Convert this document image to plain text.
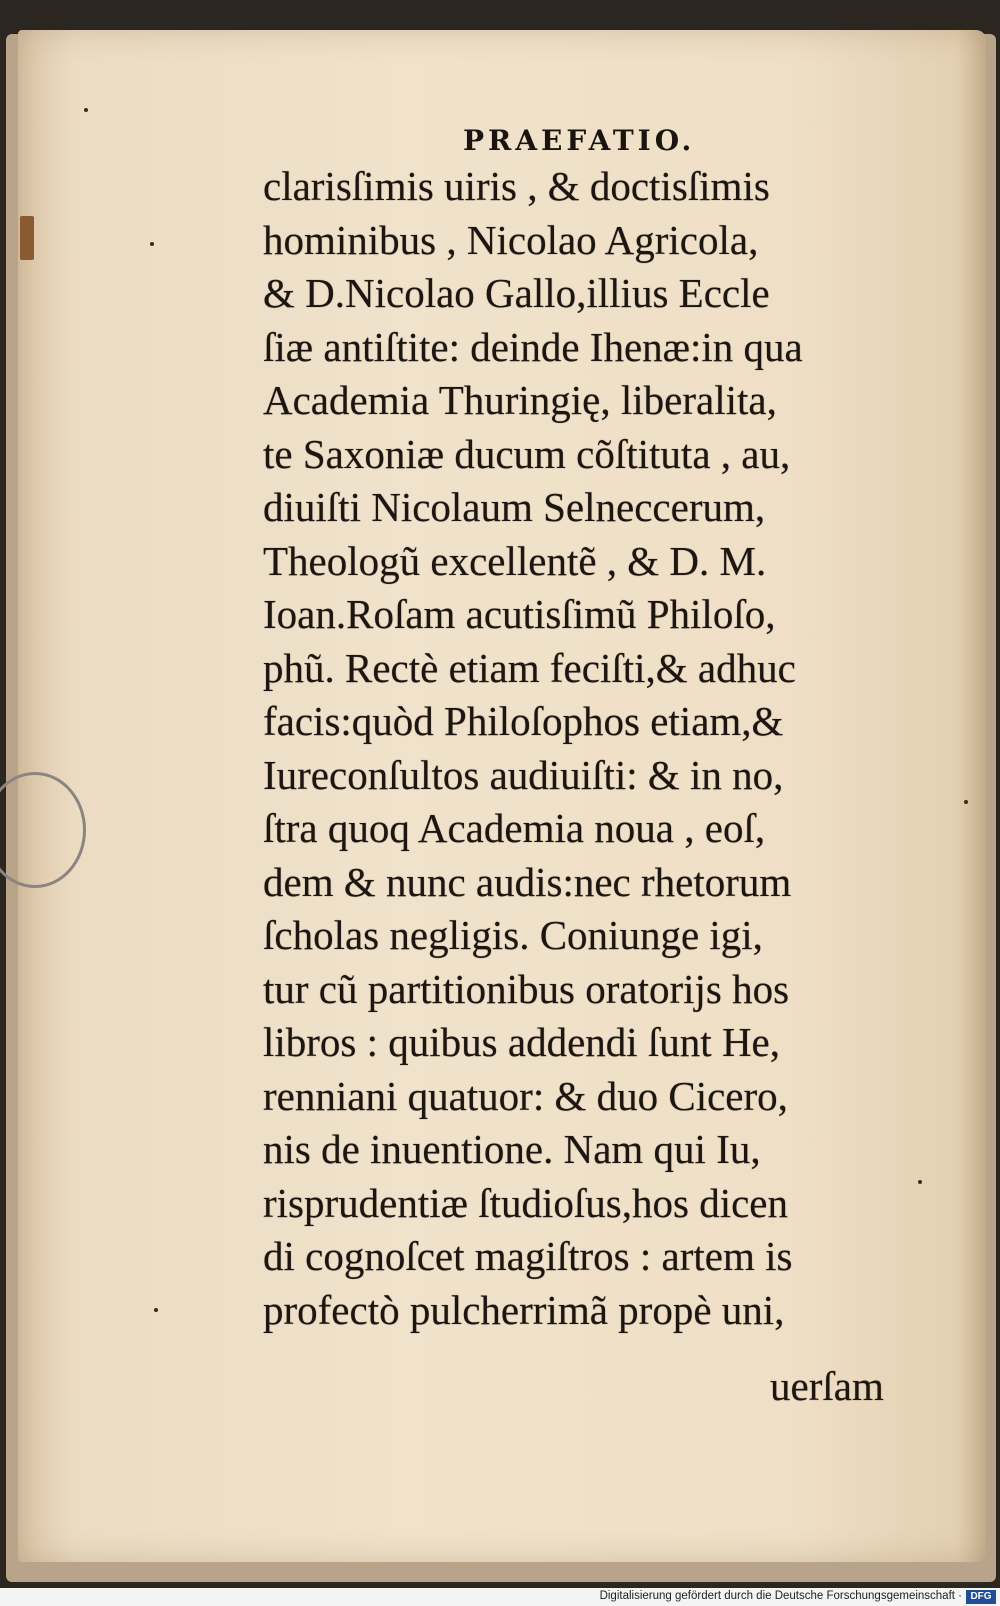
PRAEFATIO.
clarisſimis uiris , & doctisſimis
hominibus , Nicolao Agricola,
& D.Nicolao Gallo,illius Eccle
ſiæ antiſtite: deinde Ihenæ:in qua
Academia Thuringię, liberalita,
te Saxoniæ ducum cõſtituta , au,
diuiſti Nicolaum Selneccerum,
Theologũ excellentẽ , & D. M.
Ioan.Roſam acutisſimũ Philoſo,
phũ. Rectè etiam feciſti,& adhuc
facis:quòd Philoſophos etiam,&
Iureconſultos audiuiſti: & in no,
ſtra quoq Academia noua , eoſ,
dem & nunc audis:nec rhetorum
ſcholas negligis. Coniunge igi,
tur cũ partitionibus oratorijs hos
libros : quibus addendi ſunt He,
renniani quatuor: & duo Cicero,
nis de inuentione. Nam qui Iu,
risprudentiæ ſtudioſus,hos dicen
di cognoſcet magiſtros : artem is
profectò pulcherrimã propè uni,
uerſam
Digitalisierung gefördert durch die Deutsche Forschungsgemeinschaft · DFG
